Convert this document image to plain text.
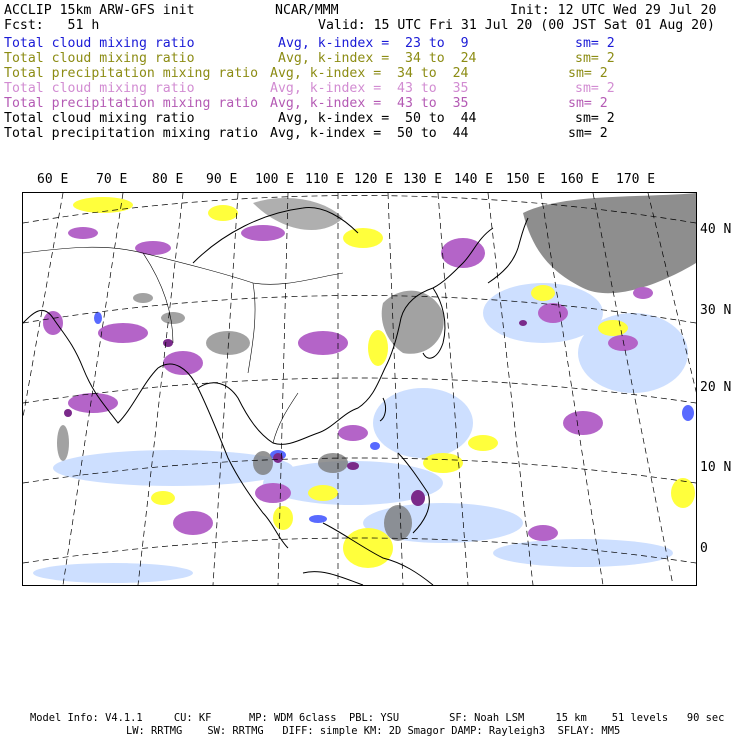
ACCLIP 15km ARW-GFS init	NCAR/MMM	Init: 12 UTC Wed 29 Jul 20
Fcst:   51 h	Valid: 15 UTC Fri 31 Jul 20 (00 JST Sat 01 Aug 20)
Total cloud mixing ratio	Avg, k-index =  23 to  9	sm= 2
Total cloud mixing ratio	Avg, k-index =  34 to  24	sm= 2
Total precipitation mixing ratio Avg, k-index =  34 to  24	sm= 2
Total cloud mixing ratio	Avg, k-index =  43 to  35	sm= 2
Total precipitation mixing ratio Avg, k-index =  43 to  35	sm= 2
Total cloud mixing ratio	Avg, k-index =  50 to  44	sm= 2
Total precipitation mixing ratio Avg, k-index =  50 to  44	sm= 2
60 E 70 E 80 E 90 E 100 E 110 E 120 E 130 E 140 E 150 E 160 E 170 E
40 N
30 N
20 N
10 N
0
Model Info: V4.1.1     CU: KF      MP: WDM 6class  PBL: YSU        SF: Noah LSM     15 km    51 levels   90 sec
LW: RRTMG    SW: RRTMG   DIFF: simple KM: 2D Smagor DAMP: Rayleigh3  SFLAY: MM5
